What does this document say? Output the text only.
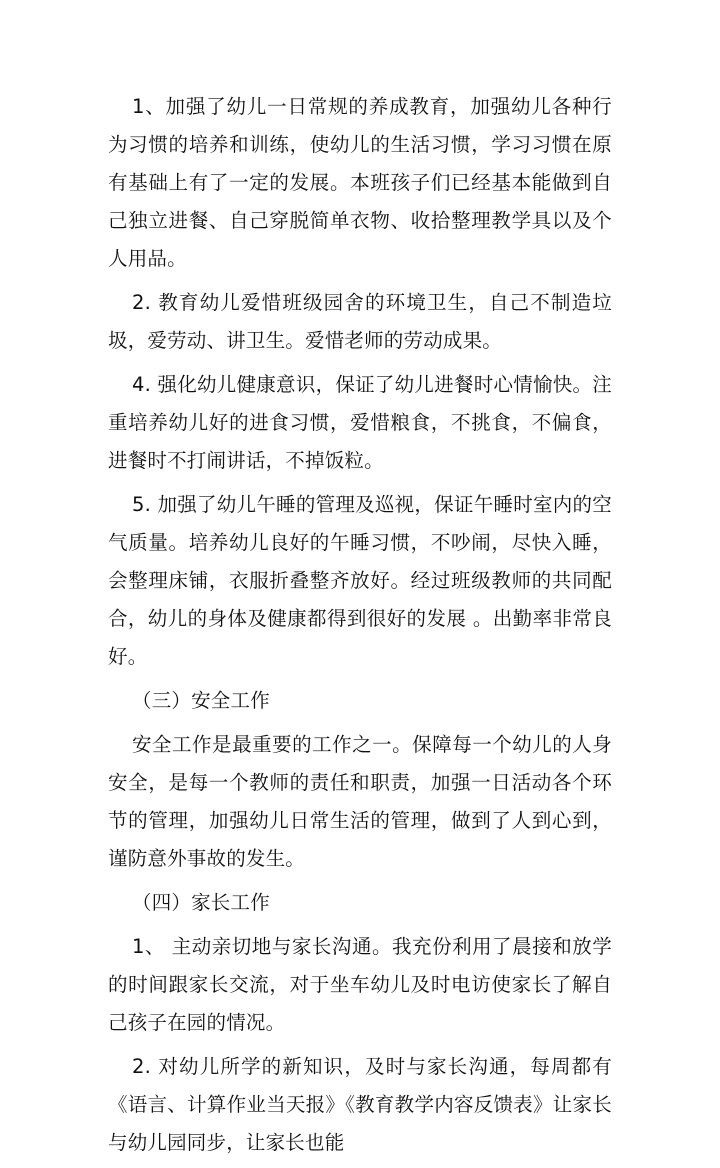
1、加强了幼儿一日常规的养成教育，加强幼儿各种行为习惯的培养和训练，使幼儿的生活习惯，学习习惯在原有基础上有了一定的发展。本班孩子们已经基本能做到自己独立进餐、自己穿脱简单衣物、收拾整理教学具以及个人用品。

2. 教育幼儿爱惜班级园舍的环境卫生，自己不制造垃圾，爱劳动、讲卫生。爱惜老师的劳动成果。

4. 强化幼儿健康意识，保证了幼儿进餐时心情愉快。注重培养幼儿好的进食习惯，爱惜粮食，不挑食，不偏食，进餐时不打闹讲话，不掉饭粒。

5. 加强了幼儿午睡的管理及巡视，保证午睡时室内的空气质量。培养幼儿良好的午睡习惯，不吵闹，尽快入睡，会整理床铺，衣服折叠整齐放好。经过班级教师的共同配合，幼儿的身体及健康都得到很好的发展 。出勤率非常良好。

（三）安全工作

安全工作是最重要的工作之一。保障每一个幼儿的人身安全，是每一个教师的责任和职责，加强一日活动各个环节的管理，加强幼儿日常生活的管理，做到了人到心到，谨防意外事故的发生。

（四）家长工作

1、 主动亲切地与家长沟通。我充份利用了晨接和放学的时间跟家长交流，对于坐车幼儿及时电访使家长了解自己孩子在园的情况。

2. 对幼儿所学的新知识，及时与家长沟通，每周都有《语言、计算作业当天报》《教育教学内容反馈表》让家长与幼儿园同步，让家长也能
